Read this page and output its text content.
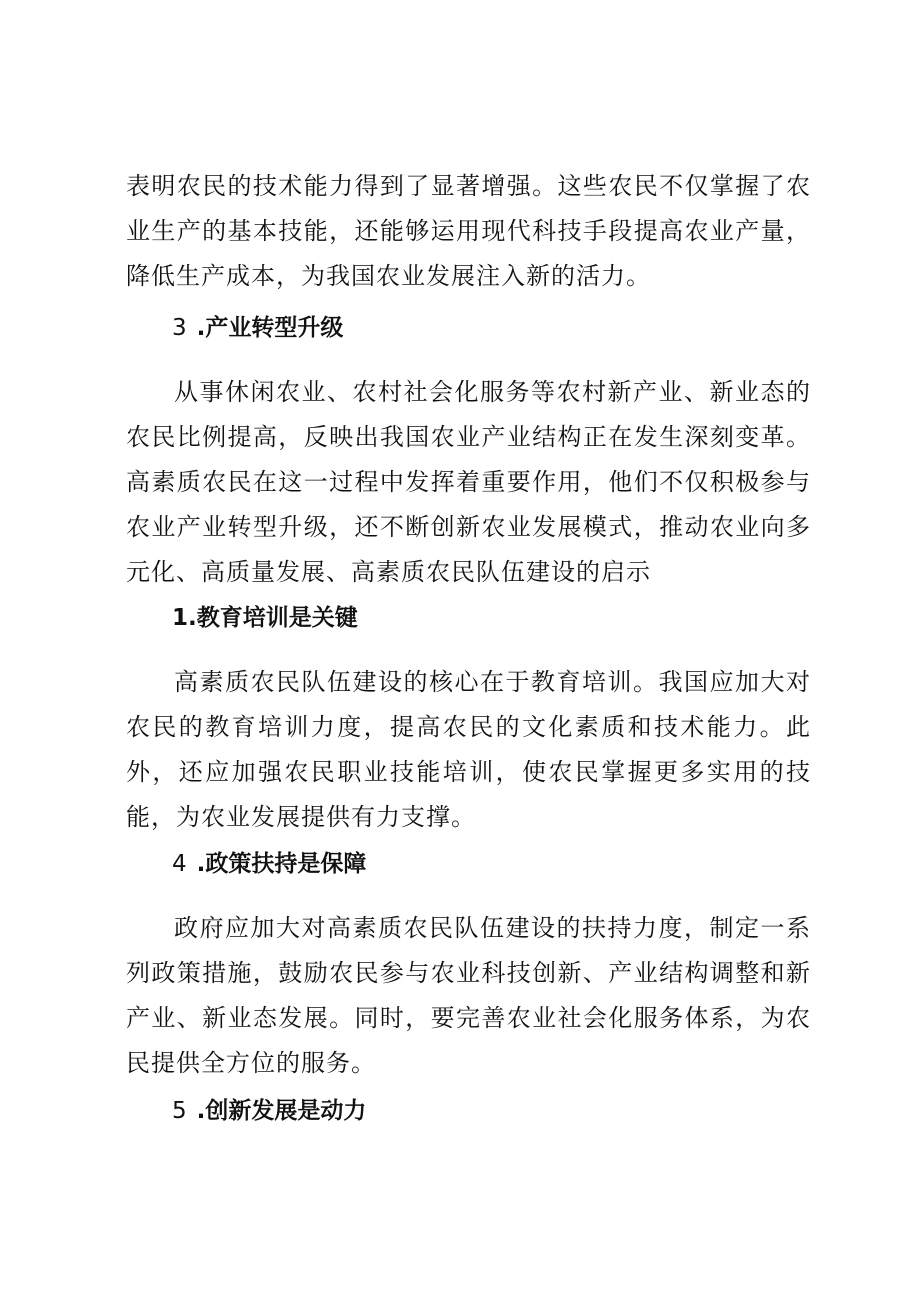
表明农民的技术能力得到了显著增强。这些农民不仅掌握了农业生产的基本技能，还能够运用现代科技手段提高农业产量，降低生产成本，为我国农业发展注入新的活力。

3 .产业转型升级

从事休闲农业、农村社会化服务等农村新产业、新业态的农民比例提高，反映出我国农业产业结构正在发生深刻变革。高素质农民在这一过程中发挥着重要作用，他们不仅积极参与农业产业转型升级，还不断创新农业发展模式，推动农业向多元化、高质量发展、高素质农民队伍建设的启示

1.教育培训是关键

高素质农民队伍建设的核心在于教育培训。我国应加大对农民的教育培训力度，提高农民的文化素质和技术能力。此外，还应加强农民职业技能培训，使农民掌握更多实用的技能，为农业发展提供有力支撑。

4 .政策扶持是保障

政府应加大对高素质农民队伍建设的扶持力度，制定一系列政策措施，鼓励农民参与农业科技创新、产业结构调整和新产业、新业态发展。同时，要完善农业社会化服务体系，为农民提供全方位的服务。

5 .创新发展是动力
